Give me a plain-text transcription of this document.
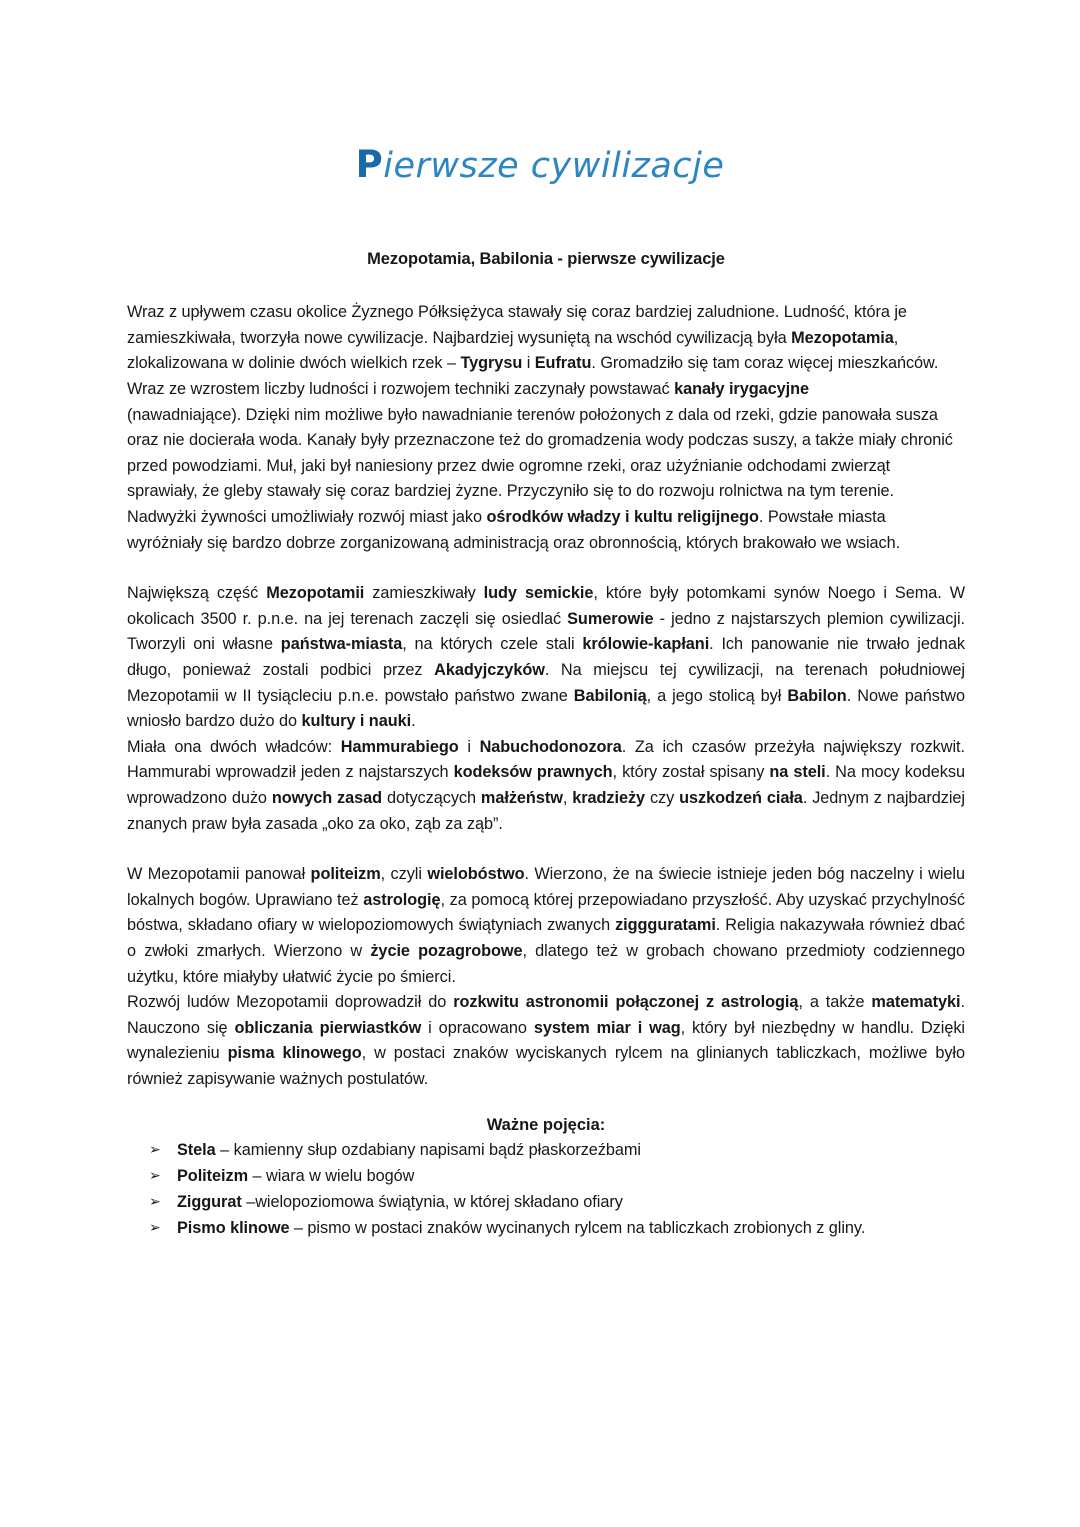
Pierwsze cywilizacje
Mezopotamia, Babilonia - pierwsze cywilizacje

Wraz z upływem czasu okolice Żyznego Półksiężyca stawały się coraz bardziej zaludnione. Ludność, która je zamieszkiwała, tworzyła nowe cywilizacje. Najbardziej wysuniętą na wschód cywilizacją była Mezopotamia, zlokalizowana w dolinie dwóch wielkich rzek – Tygrysu i Eufratu. Gromadziło się tam coraz więcej mieszkańców. Wraz ze wzrostem liczby ludności i rozwojem techniki zaczynały powstawać kanały irygacyjne

(nawadniające). Dzięki nim możliwe było nawadnianie terenów położonych z dala od rzeki, gdzie panowała susza oraz nie docierała woda. Kanały były przeznaczone też do gromadzenia wody podczas suszy, a także miały chronić przed powodziami. Muł, jaki był naniesiony przez dwie ogromne rzeki, oraz użyźnianie odchodami zwierząt sprawiały, że gleby stawały się coraz bardziej żyzne. Przyczyniło się to do rozwoju rolnictwa na tym terenie.

Nadwyżki żywności umożliwiały rozwój miast jako ośrodków władzy i kultu religijnego. Powstałe miasta wyróżniały się bardzo dobrze zorganizowaną administracją oraz obronnością, których brakowało we wsiach.

Największą część Mezopotamii zamieszkiwały ludy semickie, które były potomkami synów Noego i Sema. W okolicach 3500 r. p.n.e. na jej terenach zaczęli się osiedlać Sumerowie - jedno z najstarszych plemion cywilizacji. Tworzyli oni własne państwa-miasta, na których czele stali królowie-kapłani. Ich panowanie nie trwało jednak długo, ponieważ zostali podbici przez Akadyjczyków. Na miejscu tej cywilizacji, na terenach południowej Mezopotamii w II tysiącleciu p.n.e. powstało państwo zwane Babilonią, a jego stolicą był Babilon. Nowe państwo wniosło bardzo dużo do kultury i nauki.

Miała ona dwóch władców: Hammurabiego i Nabuchodonozora. Za ich czasów przeżyła największy rozkwit. Hammurabi wprowadził jeden z najstarszych kodeksów prawnych, który został spisany na steli. Na mocy kodeksu wprowadzono dużo nowych zasad dotyczących małżeństw, kradzieży czy uszkodzeń ciała. Jednym z najbardziej znanych praw była zasada „oko za oko, ząb za ząb”.

W Mezopotamii panował politeizm, czyli wielobóstwo. Wierzono, że na świecie istnieje jeden bóg naczelny i wielu lokalnych bogów. Uprawiano też astrologię, za pomocą której przepowiadano przyszłość. Aby uzyskać przychylność bóstwa, składano ofiary w wielopoziomowych świątyniach zwanych ziggguratami. Religia nakazywała również dbać o zwłoki zmarłych. Wierzono w życie pozagrobowe, dlatego też w grobach chowano przedmioty codziennego użytku, które miałyby ułatwić życie po śmierci.

Rozwój ludów Mezopotamii doprowadził do rozkwitu astronomii połączonej z astrologią, a także matematyki. Nauczono się obliczania pierwiastków i opracowano system miar i wag, który był niezbędny w handlu. Dzięki wynalezieniu pisma klinowego, w postaci znaków wyciskanych rylcem na glinianych tabliczkach, możliwe było również zapisywanie ważnych postulatów.

Ważne pojęcia:
➢ Stela – kamienny słup ozdabiany napisami bądź płaskorzeźbami
➢ Politeizm – wiara w wielu bogów
➢ Ziggurat –wielopoziomowa świątynia, w której składano ofiary
➢ Pismo klinowe – pismo w postaci znaków wycinanych rylcem na tabliczkach zrobionych z gliny.
